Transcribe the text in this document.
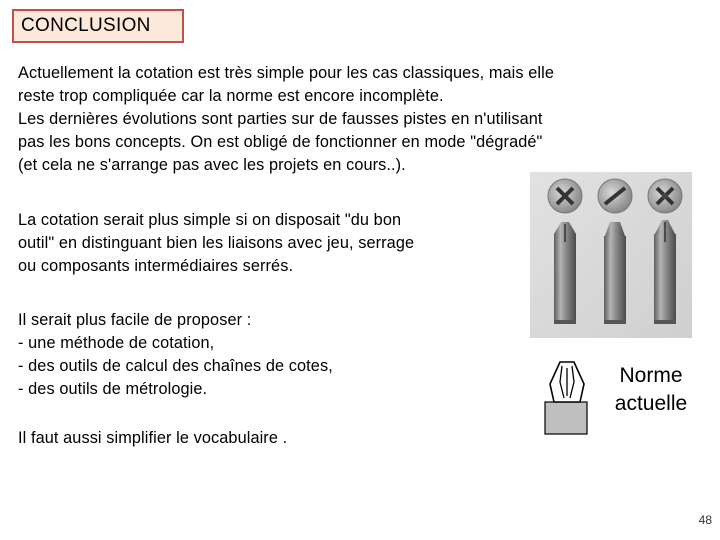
CONCLUSION
Actuellement la cotation est très simple pour les cas classiques, mais elle
reste trop compliquée car la norme est encore incomplète.
Les dernières évolutions sont parties sur de fausses pistes en n'utilisant
pas les bons concepts. On est obligé de fonctionner en mode "dégradé"
(et cela ne s'arrange pas avec les projets en cours..).
La cotation serait plus simple si on disposait "du bon
outil" en distinguant bien les liaisons avec jeu, serrage
ou composants intermédiaires serrés.
Il serait plus facile de proposer :
- une méthode de cotation,
- des outils de calcul des chaînes de cotes,
- des outils de métrologie.
Il faut aussi simplifier le vocabulaire .
Norme
actuelle
48
